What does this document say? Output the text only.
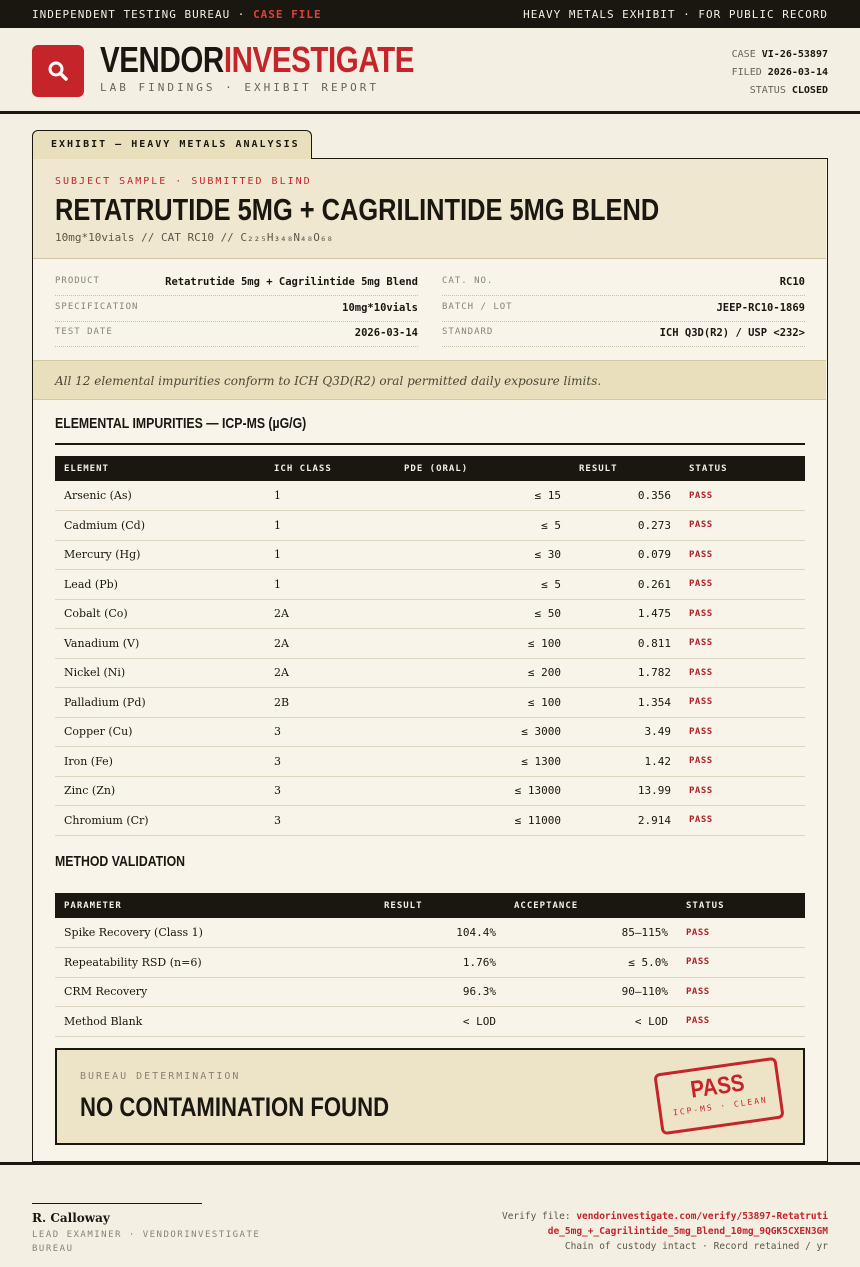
INDEPENDENT TESTING BUREAU · CASE FILE	HEAVY METALS EXHIBIT · FOR PUBLIC RECORD
VENDORINVESTIGATE
LAB FINDINGS · EXHIBIT REPORT
CASE VI-26-53897
FILED 2026-03-14
STATUS CLOSED
EXHIBIT — HEAVY METALS ANALYSIS
SUBJECT SAMPLE · SUBMITTED BLIND
RETATRUTIDE 5MG + CAGRILINTIDE 5MG BLEND
10mg*10vials // CAT RC10 // C₂₂₅H₃₄₈N₄₈O₆₈
PRODUCT	Retatrutide 5mg + Cagrilintide 5mg Blend	CAT. NO.	RC10
SPECIFICATION	10mg*10vials	BATCH / LOT	JEEP-RC10-1869
TEST DATE	2026-03-14	STANDARD	ICH Q3D(R2) / USP <232>
All 12 elemental impurities conform to ICH Q3D(R2) oral permitted daily exposure limits.
ELEMENTAL IMPURITIES — ICP-MS (µG/G)
ELEMENT	ICH CLASS	PDE (ORAL)	RESULT	STATUS
Arsenic (As)	1	≤ 15	0.356	PASS
Cadmium (Cd)	1	≤ 5	0.273	PASS
Mercury (Hg)	1	≤ 30	0.079	PASS
Lead (Pb)	1	≤ 5	0.261	PASS
Cobalt (Co)	2A	≤ 50	1.475	PASS
Vanadium (V)	2A	≤ 100	0.811	PASS
Nickel (Ni)	2A	≤ 200	1.782	PASS
Palladium (Pd)	2B	≤ 100	1.354	PASS
Copper (Cu)	3	≤ 3000	3.49	PASS
Iron (Fe)	3	≤ 1300	1.42	PASS
Zinc (Zn)	3	≤ 13000	13.99	PASS
Chromium (Cr)	3	≤ 11000	2.914	PASS
METHOD VALIDATION
PARAMETER	RESULT	ACCEPTANCE	STATUS
Spike Recovery (Class 1)	104.4%	85–115%	PASS
Repeatability RSD (n=6)	1.76%	≤ 5.0%	PASS
CRM Recovery	96.3%	90–110%	PASS
Method Blank	< LOD	< LOD	PASS
BUREAU DETERMINATION
NO CONTAMINATION FOUND
PASS
ICP-MS · CLEAN
R. Calloway
LEAD EXAMINER · VENDORINVESTIGATE BUREAU
Verify file: vendorinvestigate.com/verify/53897-Retatrutide_5mg_+_Cagrilintide_5mg_Blend_10mg_9QGK5CXEN3GM
Chain of custody intact · Record retained / yr
